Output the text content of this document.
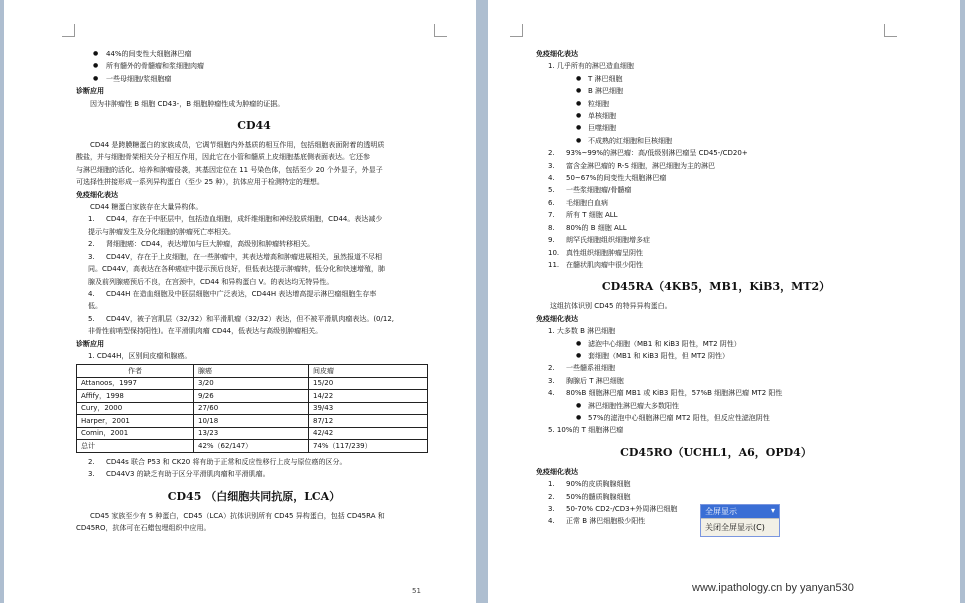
● 44%的间变性大细胞淋巴瘤
● 所有髓外的骨髓瘤和浆细胞肉瘤
● 一些母细胞/浆细胞瘤
诊断应用
因为非肿瘤性 B 细胞 CD43-，B 细胞肿瘤性成为肿瘤的证据。
CD44
CD44 是跨膜糖蛋白的家族成员，它调节细胞内外基质的相互作用，包括细胞表面附着的透明质
酸盐，并与细胞骨架相关分子相互作用，因此它在小管和髓质上皮细胞基底侧表面表达。它还参
与淋巴细胞的活化、培养和肿瘤侵袭，其基因定位在 11 号染色体，包括至少 20 个外显子，外显子
可选择性拼接形成一系列异构蛋白（至少 25 种），抗体应用于检测特定的理想。
免疫细化表达
CD44 糖蛋白家族存在大量异构体。
1. CD44，存在于中胚层中，包括造血细胞，成纤维细胞和神经胶质细胞，CD44。表达减少
提示与肿瘤发生及分化细胞的肿瘤死亡率相关。
2. 肾细胞癌：CD44，表达增加与巨大肿瘤，高级别和肿瘤转移相关。
3. CD44V，存在于上皮细胞，在一些肿瘤中，其表达增高和肿瘤进展相关，虽然报道不尽相
同。CD44V，高表达在各种癌症中提示预后良好，但低表达提示肿瘤转，低分化和快速增殖，肺
腺及前列腺癌预后不良，在宫颈中，CD44 和异构蛋白 V。的表达均无特异性。
4. CD44H 在造血细胞及中胚层细胞中广泛表达，CD44H 表达增高提示淋巴瘤细胞生存率
低。
5. CD44V，被子宫肌层（32/32）和平滑肌瘤（32/32）表达，但不被平滑肌肉瘤表达。(0/12,
非骨性前哨型保持阳性)。在平滑肌肉瘤 CD44，低表达与高级别肿瘤相关。
诊断应用
1. CD44H，区别间皮瘤和腺癌。
作者	腺癌	间皮瘤
Attanoos，1997	3/20	15/20
Affify，1998	9/26	14/22
Cury，2000	27/60	39/43
Harper，2001	10/18	87/12
Comin，2001	13/23	42/42
总计	42%（62/147）	74%（117/239）
2. CD44s 联合 P53 和 CK20 将有助于正常和反应性移行上皮与原位癌的区分。
3. CD44V3 的缺乏有助于区分平滑肌肉瘤和平滑肌瘤。
CD45 （白细胞共同抗原，LCA）
CD45 家族至少有 5 种蛋白，CD45（LCA）抗体识别所有 CD45 异构蛋白，包括 CD45RA 和
CD45RO，抗体可在石蜡包埋组织中应用。
免疫细化表达
1. 几乎所有的淋巴造血细胞
● T 淋巴细胞
● B 淋巴细胞
● 粒细胞
● 单核细胞
● 巨噬细胞
● 不成熟的红细胞和巨核细胞
2. 93%~99%的淋巴瘤：高/低级别淋巴瘤呈 CD45-/CD20+
3. 富含金淋巴瘤的 R-S 细胞，淋巴细胞为主的淋巴
4. 50~67%的间变性大细胞淋巴瘤
5. 一些浆细胞瘤/骨髓瘤
6. 毛细胞白血病
7. 所有 T 细胞 ALL
8. 80%的 B 细胞 ALL
9. 朗罕氏细胞组织细胞增多症
10. 真性组织细胞肿瘤呈阴性
11. 在髓状肌肉瘤中很少阳性
CD45RA（4KB5，MB1，KiB3，MT2）
这组抗体识别 CD45 的特异异构蛋白。
免疫细化表达
1. 大多数 B 淋巴细胞
● 滤泡中心细胞（MB1 和 KiB3 阳性，MT2 阴性）
● 套细胞（MB1 和 KiB3 阳性，但 MT2 阴性）
2. 一些髓系祖细胞
3. 胸腺后 T 淋巴细胞
4. 80%B 细胞淋巴瘤 MB1 或 KiB3 阳性，57%B 细胞淋巴瘤 MT2 阳性
● 淋巴细胞性淋巴瘤大多数阳性
● 57%的滤泡中心细胞淋巴瘤 MT2 阳性，但反应性滤泡阴性
5. 10%的 T 细胞淋巴瘤
CD45RO（UCHL1，A6，OPD4）
免疫细化表达
1. 90%的皮质胸腺细胞
2. 50%的髓质胸腺细胞
3. 50-70% CD2-/CD3+外周淋巴细胞
4. 正常 B 淋巴细胞极少阳性
51
全屏显示	▾
关闭全屏显示(C)
www.ipathology.cn by yanyan530
